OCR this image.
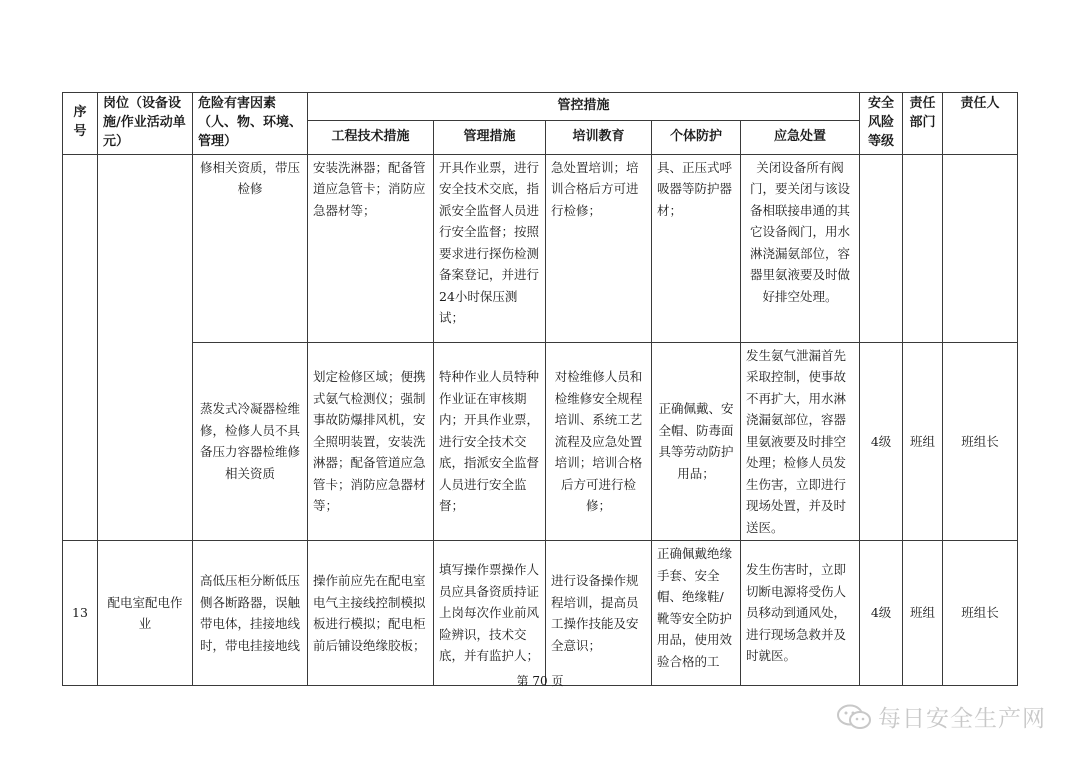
序号	岗位（设备设施/作业活动单元）	危险有害因素（人、物、环境、管理）	管控措施					安全风险等级	责任部门	责任人
			工程技术措施	管理措施	培训教育	个体防护	应急处置			
		修相关资质，带压检修	安装洗淋器；配备管道应急管卡；消防应急器材等；	开具作业票，进行安全技术交底，指派安全监督人员进行安全监督；按照要求进行探伤检测备案登记，并进行24小时保压测试；	急处置培训；培训合格后方可进行检修；	具、正压式呼吸器等防护器材；	关闭设备所有阀门，要关闭与该设备相联接串通的其它设备阀门，用水淋浇漏氨部位，容器里氨液要及时做好排空处理。			
		蒸发式冷凝器检维修，检修人员不具备压力容器检维修相关资质	划定检修区域；便携式氨气检测仪；强制事故防爆排风机，安全照明装置，安装洗淋器；配备管道应急管卡；消防应急器材等；	特种作业人员特种作业证在审核期内；开具作业票，进行安全技术交底，指派安全监督人员进行安全监督；	对检维修人员和检维修安全规程培训、系统工艺流程及应急处置培训；培训合格后方可进行检修；	正确佩戴、安全帽、防毒面具等劳动防护用品；	发生氨气泄漏首先采取控制，使事故不再扩大，用水淋浇漏氨部位，容器里氨液要及时排空处理；检修人员发生伤害，立即进行现场处置，并及时送医。	4级	班组	班组长
13	配电室配电作业	高低压柜分断低压侧各断路器，误触带电体，挂接地线时，带电挂接地线	操作前应先在配电室电气主接线控制模拟板进行模拟；配电柜前后铺设绝缘胶板；	填写操作票操作人员应具备资质持证上岗每次作业前风险辨识，技术交底，并有监护人；	进行设备操作规程培训，提高员工操作技能及安全意识；	正确佩戴绝缘手套、安全帽、绝缘鞋/靴等安全防护用品，使用效验合格的工	发生伤害时，立即切断电源将受伤人员移动到通风处，进行现场急救并及时就医。	4级	班组	班组长
第 70 页
每日安全生产网
